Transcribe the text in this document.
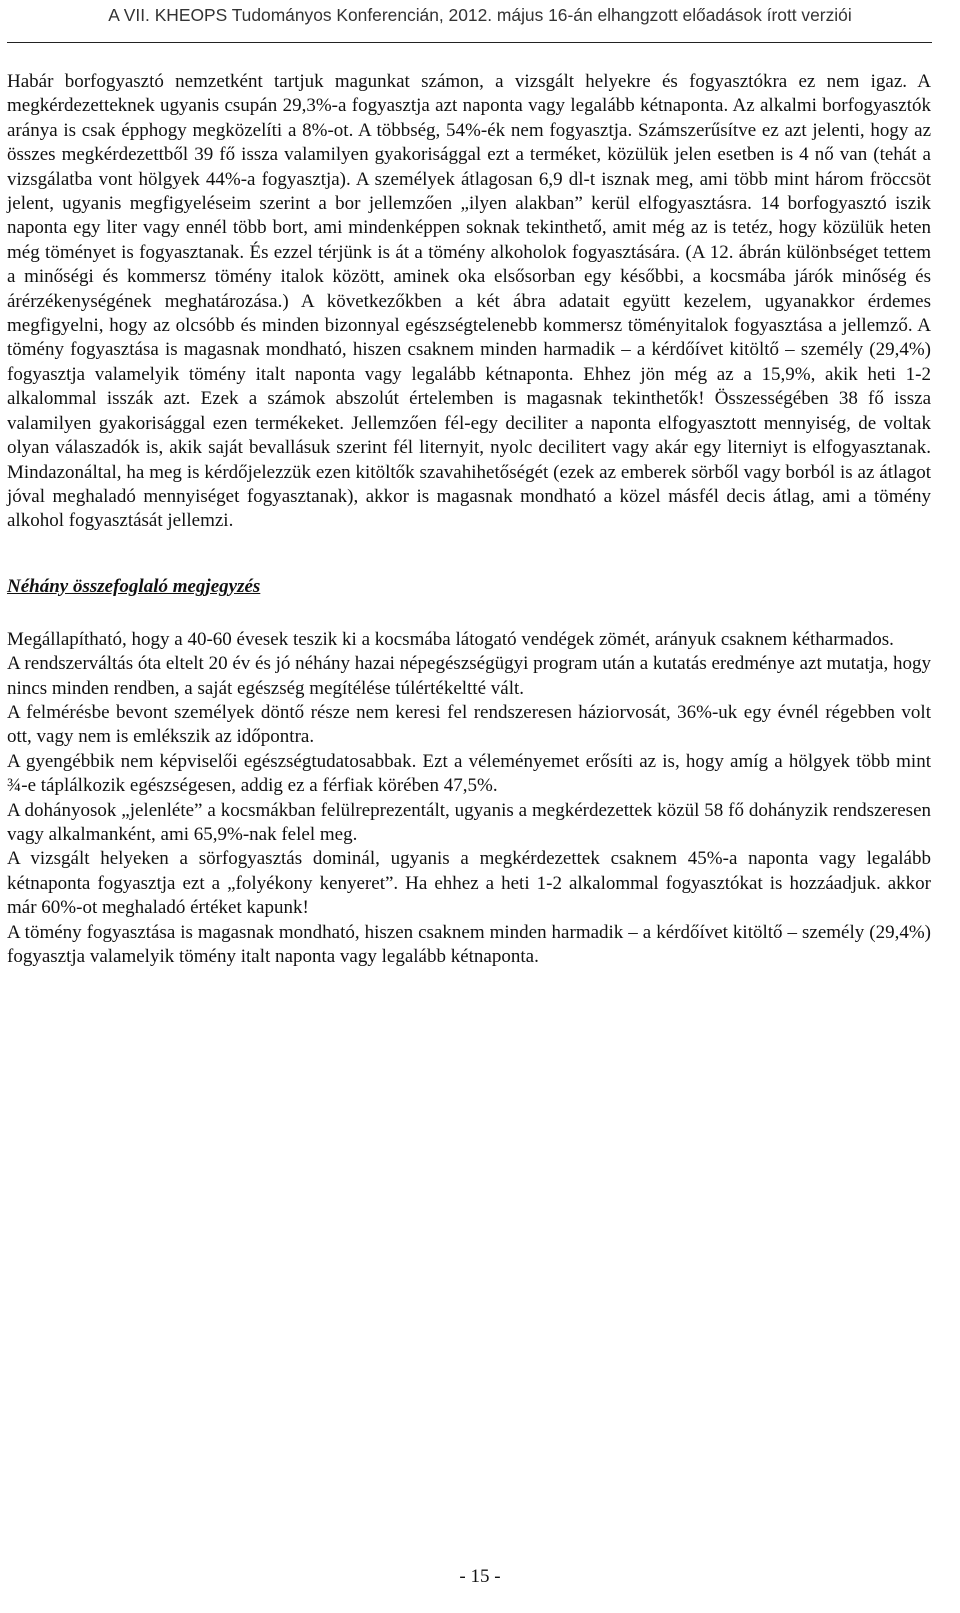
A VII. KHEOPS Tudományos Konferencián, 2012. május 16-án elhangzott előadások írott verziói

Habár borfogyasztó nemzetként tartjuk magunkat számon, a vizsgált helyekre és fogyasztókra ez nem igaz. A megkérdezetteknek ugyanis csupán 29,3%-a fogyasztja azt naponta vagy legalább kétnaponta. Az alkalmi borfogyasztók aránya is csak épphogy megközelíti a 8%-ot. A többség, 54%-ék nem fogyasztja. Számszerűsítve ez azt jelenti, hogy az összes megkérdezettből 39 fő issza valamilyen gyakorisággal ezt a terméket, közülük jelen esetben is 4 nő van (tehát a vizsgálatba vont hölgyek 44%-a fogyasztja). A személyek átlagosan 6,9 dl-t isznak meg, ami több mint három fröccsöt jelent, ugyanis megfigyeléseim szerint a bor jellemzően „ilyen alakban” kerül elfogyasztásra. 14 borfogyasztó iszik naponta egy liter vagy ennél több bort, ami mindenképpen soknak tekinthető, amit még az is tetéz, hogy közülük heten még töményet is fogyasztanak. És ezzel térjünk is át a tömény alkoholok fogyasztására. (A 12. ábrán különbséget tettem a minőségi és kommersz tömény italok között, aminek oka elsősorban egy későbbi, a kocsmába járók minőség és árérzékenységének meghatározása.) A következőkben a két ábra adatait együtt kezelem, ugyanakkor érdemes megfigyelni, hogy az olcsóbb és minden bizonnyal egészségtelenebb kommersz töményitalok fogyasztása a jellemző. A tömény fogyasztása is magasnak mondható, hiszen csaknem minden harmadik – a kérdőívet kitöltő – személy (29,4%) fogyasztja valamelyik tömény italt naponta vagy legalább kétnaponta. Ehhez jön még az a 15,9%, akik heti 1-2 alkalommal isszák azt. Ezek a számok abszolút értelemben is magasnak tekinthetők! Összességében 38 fő issza valamilyen gyakorisággal ezen termékeket. Jellemzően fél-egy deciliter a naponta elfogyasztott mennyiség, de voltak olyan válaszadók is, akik saját bevallásuk szerint fél liternyit, nyolc decilitert vagy akár egy literniyt is elfogyasztanak. Mindazonáltal, ha meg is kérdőjelezzük ezen kitöltők szavahihetőségét (ezek az emberek sörből vagy borból is az átlagot jóval meghaladó mennyiséget fogyasztanak), akkor is magasnak mondható a közel másfél decis átlag, ami a tömény alkohol fogyasztását jellemzi.

Néhány összefoglaló megjegyzés

Megállapítható, hogy a 40-60 évesek teszik ki a kocsmába látogató vendégek zömét, arányuk csaknem kétharmados.

A rendszerváltás óta eltelt 20 év és jó néhány hazai népegészségügyi program után a kutatás eredménye azt mutatja, hogy nincs minden rendben, a saját egészség megítélése túlértékeltté vált.

A felmérésbe bevont személyek döntő része nem keresi fel rendszeresen háziorvosát, 36%-uk egy évnél régebben volt ott, vagy nem is emlékszik az időpontra.

A gyengébbik nem képviselői egészségtudatosabbak. Ezt a véleményemet erősíti az is, hogy amíg a hölgyek több mint ¾-e táplálkozik egészségesen, addig ez a férfiak körében 47,5%.

A dohányosok „jelenléte” a kocsmákban felülreprezentált, ugyanis a megkérdezettek közül 58 fő dohányzik rendszeresen vagy alkalmanként, ami 65,9%-nak felel meg.

A vizsgált helyeken a sörfogyasztás dominál, ugyanis a megkérdezettek csaknem 45%-a naponta vagy legalább kétnaponta fogyasztja ezt a „folyékony kenyeret”. Ha ehhez a heti 1-2 alkalommal fogyasztókat is hozzáadjuk. akkor már 60%-ot meghaladó értéket kapunk!

A tömény fogyasztása is magasnak mondható, hiszen csaknem minden harmadik – a kérdőívet kitöltő – személy (29,4%) fogyasztja valamelyik tömény italt naponta vagy legalább kétnaponta.

- 15 -
